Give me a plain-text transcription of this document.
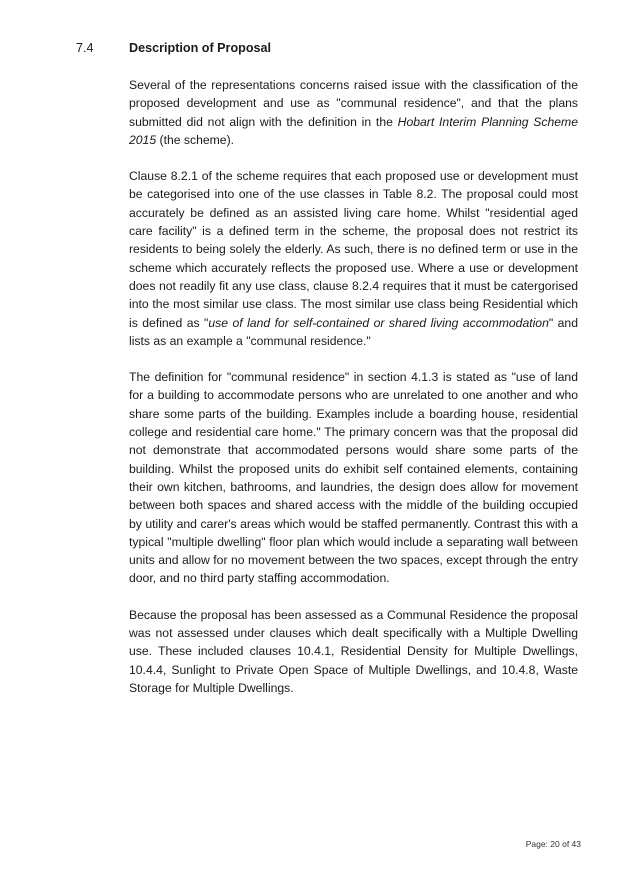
7.4	Description of Proposal

Several of the representations concerns raised issue with the classification of the proposed development and use as "communal residence", and that the plans submitted did not align with the definition in the Hobart Interim Planning Scheme 2015 (the scheme).

Clause 8.2.1 of the scheme requires that each proposed use or development must be categorised into one of the use classes in Table 8.2. The proposal could most accurately be defined as an assisted living care home. Whilst "residential aged care facility" is a defined term in the scheme, the proposal does not restrict its residents to being solely the elderly. As such, there is no defined term or use in the scheme which accurately reflects the proposed use. Where a use or development does not readily fit any use class, clause 8.2.4 requires that it must be catergorised into the most similar use class. The most similar use class being Residential which is defined as "use of land for self-contained or shared living accommodation" and lists as an example a "communal residence."

The definition for "communal residence" in section 4.1.3 is stated as "use of land for a building to accommodate persons who are unrelated to one another and who share some parts of the building. Examples include a boarding house, residential college and residential care home." The primary concern was that the proposal did not demonstrate that accommodated persons would share some parts of the building. Whilst the proposed units do exhibit self contained elements, containing their own kitchen, bathrooms, and laundries, the design does allow for movement between both spaces and shared access with the middle of the building occupied by utility and carer's areas which would be staffed permanently. Contrast this with a typical "multiple dwelling" floor plan which would include a separating wall between units and allow for no movement between the two spaces, except through the entry door, and no third party staffing accommodation.

Because the proposal has been assessed as a Communal Residence the proposal was not assessed under clauses which dealt specifically with a Multiple Dwelling use. These included clauses 10.4.1, Residential Density for Multiple Dwellings, 10.4.4, Sunlight to Private Open Space of Multiple Dwellings, and 10.4.8, Waste Storage for Multiple Dwellings.

Page: 20 of 43
